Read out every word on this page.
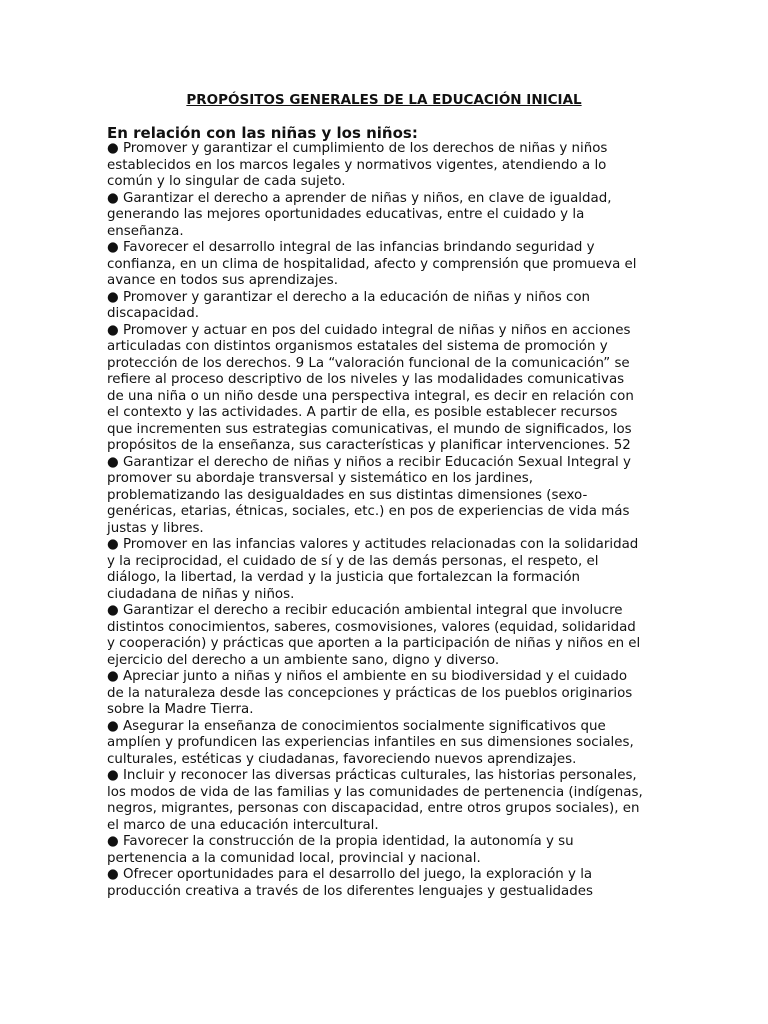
PROPÓSITOS GENERALES DE LA EDUCACIÓN INICIAL
En relación con las niñas y los niños:
● Promover y garantizar el cumplimiento de los derechos de niñas y niños
establecidos en los marcos legales y normativos vigentes, atendiendo a lo
común y lo singular de cada sujeto.
● Garantizar el derecho a aprender de niñas y niños, en clave de igualdad,
generando las mejores oportunidades educativas, entre el cuidado y la
enseñanza.
● Favorecer el desarrollo integral de las infancias brindando seguridad y
confianza, en un clima de hospitalidad, afecto y comprensión que promueva el
avance en todos sus aprendizajes.
● Promover y garantizar el derecho a la educación de niñas y niños con
discapacidad.
● Promover y actuar en pos del cuidado integral de niñas y niños en acciones
articuladas con distintos organismos estatales del sistema de promoción y
protección de los derechos. 9 La “valoración funcional de la comunicación” se
refiere al proceso descriptivo de los niveles y las modalidades comunicativas
de una niña o un niño desde una perspectiva integral, es decir en relación con
el contexto y las actividades. A partir de ella, es posible establecer recursos
que incrementen sus estrategias comunicativas, el mundo de significados, los
propósitos de la enseñanza, sus características y planificar intervenciones. 52
● Garantizar el derecho de niñas y niños a recibir Educación Sexual Integral y
promover su abordaje transversal y sistemático en los jardines,
problematizando las desigualdades en sus distintas dimensiones (sexo-
genéricas, etarias, étnicas, sociales, etc.) en pos de experiencias de vida más
justas y libres.
● Promover en las infancias valores y actitudes relacionadas con la solidaridad
y la reciprocidad, el cuidado de sí y de las demás personas, el respeto, el
diálogo, la libertad, la verdad y la justicia que fortalezcan la formación
ciudadana de niñas y niños.
● Garantizar el derecho a recibir educación ambiental integral que involucre
distintos conocimientos, saberes, cosmovisiones, valores (equidad, solidaridad
y cooperación) y prácticas que aporten a la participación de niñas y niños en el
ejercicio del derecho a un ambiente sano, digno y diverso.
● Apreciar junto a niñas y niños el ambiente en su biodiversidad y el cuidado
de la naturaleza desde las concepciones y prácticas de los pueblos originarios
sobre la Madre Tierra.
● Asegurar la enseñanza de conocimientos socialmente significativos que
amplíen y profundicen las experiencias infantiles en sus dimensiones sociales,
culturales, estéticas y ciudadanas, favoreciendo nuevos aprendizajes.
● Incluir y reconocer las diversas prácticas culturales, las historias personales,
los modos de vida de las familias y las comunidades de pertenencia (indígenas,
negros, migrantes, personas con discapacidad, entre otros grupos sociales), en
el marco de una educación intercultural.
● Favorecer la construcción de la propia identidad, la autonomía y su
pertenencia a la comunidad local, provincial y nacional.
● Ofrecer oportunidades para el desarrollo del juego, la exploración y la
producción creativa a través de los diferentes lenguajes y gestualidades
